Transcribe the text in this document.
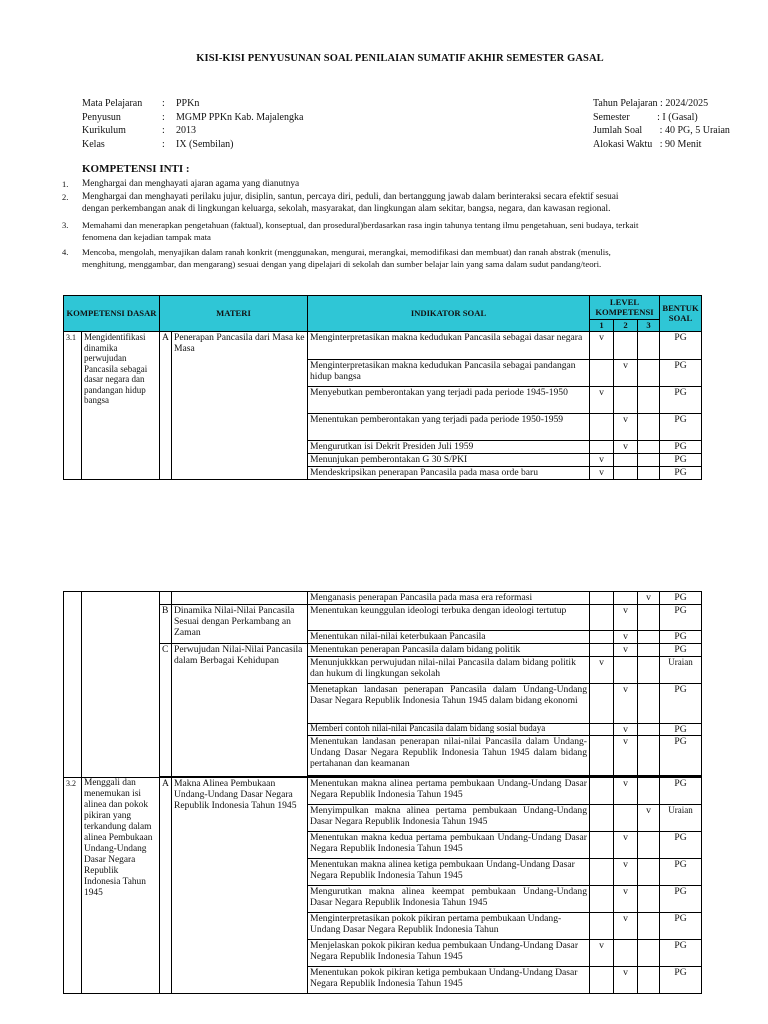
KISI-KISI PENYUSUNAN SOAL PENILAIAN SUMATIF AKHIR SEMESTER GASAL
Mata Pelajaran : PPKn
Penyusun	: MGMP PPKn Kab. Majalengka
Kurikulum	: 2013
Kelas	: IX (Sembilan)
Tahun Pelajaran : 2024/2025
Semester           : I (Gasal)
Jumlah Soal       : 40 PG, 5 Uraian
Alokasi Waktu   : 90 Menit
KOMPETENSI INTI :
1. Menghargai dan menghayati ajaran agama yang dianutnya
2. Menghargai dan menghayati perilaku jujur, disiplin, santun, percaya diri, peduli, dan bertanggung jawab dalam berinteraksi secara efektif sesuai
dengan perkembangan anak di lingkungan keluarga, sekolah, masyarakat, dan lingkungan alam sekitar, bangsa, negara, dan kawasan regional.
3. Memahami dan menerapkan pengetahuan (faktual), konseptual, dan prosedural)berdasarkan rasa ingin tahunya tentang ilmu pengetahuan, seni budaya, terkait
fenomena dan kejadian tampak mata
4. Mencoba, mengolah, menyajikan dalam ranah konkrit (menggunakan, mengurai, merangkai, memodifikasi dan membuat) dan ranah abstrak (menulis,
menghitung, menggambar, dan mengarang) sesuai dengan yang dipelajari di sekolah dan sumber belajar lain yang sama dalam sudut pandang/teori.
KOMPETENSI DASAR		MATERI		INDIKATOR SOAL	LEVEL KOMPETENSI			BENTUK SOAL
					1	2	3	
3.1	Mengidentifikasi dinamika perwujudan Pancasila sebagai dasar negara dan pandangan hidup bangsa	A	Penerapan Pancasila dari Masa ke Masa	Menginterpretasikan makna kedudukan Pancasila sebagai dasar negara	v			PG
				Menginterpretasikan makna kedudukan Pancasila sebagai pandangan hidup bangsa		v		PG
				Menyebutkan pemberontakan yang terjadi pada periode 1945-1950	v			PG
				Menentukan pemberontakan yang terjadi pada periode 1950-1959		v		PG
				Mengurutkan isi Dekrit Presiden Juli 1959		v		PG
				Menunjukan pemberontakan G 30 S/PKI	v			PG
				Mendeskripsikan penerapan Pancasila pada masa orde baru	v			PG
				Menganasis penerapan Pancasila pada masa era reformasi			v	PG	
		B	Dinamika Nilai-Nilai Pancasila Sesuai dengan Perkambang an Zaman	Menentukan keunggulan ideologi terbuka dengan ideologi tertutup		v		PG	
				Menentukan nilai-nilai keterbukaan Pancasila		v		PG	
		C	Perwujudan Nilai-Nilai Pancasila dalam Berbagai Kehidupan	Menentukan penerapan Pancasila dalam bidang politik		v		PG	
				Menunjukkkan perwujudan nilai-nilai Pancasila dalam bidang politik dan hukum di lingkungan sekolah	v			Uraian	
				Menetapkan landasan penerapan Pancasila dalam Undang-Undang Dasar Negara Republik Indonesia Tahun 1945 dalam bidang ekonomi		v		PG	
				Memberi contoh nilai-nilai Pancasila dalam bidang sosial budaya		v		PG	
				Menentukan landasan penerapan nilai-nilai Pancasila dalam Undang-Undang Dasar Negara Republik Indonesia Tahun 1945 dalam bidang pertahanan dan keamanan		v		PG	

3.2	Menggali dan menemukan isi alinea dan pokok pikiran yang terkandung dalam alinea Pembukaan Undang-Undang Dasar Negara Republik Indonesia Tahun 1945	A	Makna Alinea Pembukaan Undang-Undang Dasar Negara Republik Indonesia Tahun 1945	Menentukan makna alinea pertama pembukaan Undang-Undang Dasar Negara Republik Indonesia Tahun 1945		v		PG	
				Menyimpulkan makna alinea pertama pembukaan Undang-Undang Dasar Negara Republik Indonesia Tahun 1945			v	Uraian	
				Menentukan makna kedua pertama pembukaan Undang-Undang Dasar Negara Republik Indonesia Tahun 1945		v		PG	
				Menentukan makna alinea ketiga pembukaan Undang-Undang Dasar Negara Republik Indonesia Tahun 1945		v		PG	
				Mengurutkan makna alinea keempat pembukaan Undang-Undang Dasar Negara Republik Indonesia Tahun 1945		v		PG	
				Menginterpretasikan pokok pikiran pertama pembukaan Undang-Undang Dasar Negara Republik Indonesia Tahun		v		PG	
				Menjelaskan pokok pikiran kedua pembukaan Undang-Undang Dasar Negara Republik Indonesia Tahun 1945	v			PG	
				Menentukan pokok pikiran ketiga pembukaan Undang-Undang Dasar Negara Republik Indonesia Tahun 1945		v		PG	
